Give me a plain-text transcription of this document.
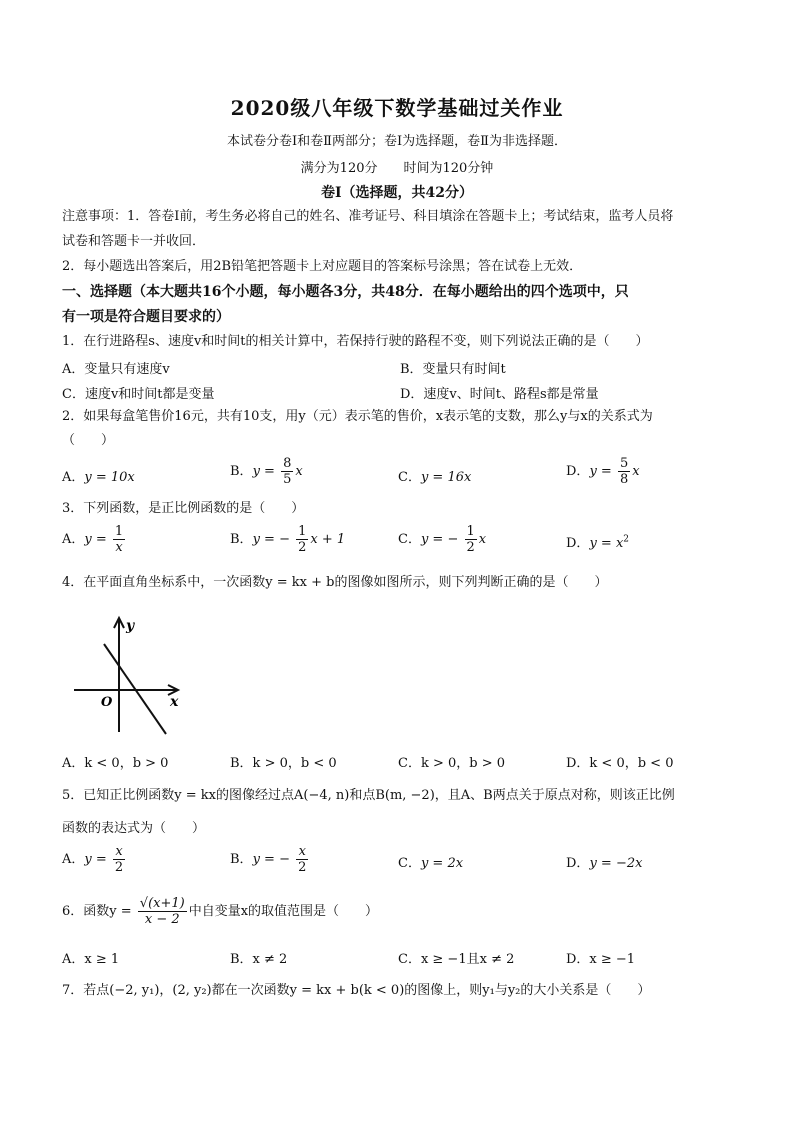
2020级八年级下数学基础过关作业
本试卷分卷Ⅰ和卷Ⅱ两部分；卷Ⅰ为选择题，卷Ⅱ为非选择题．
满分为120分　　时间为120分钟
卷Ⅰ（选择题，共42分）
注意事项：1．答卷Ⅰ前，考生务必将自己的姓名、准考证号、科目填涂在答题卡上；考试结束，监考人员将
试卷和答题卡一并收回．
2．每小题选出答案后，用2B铅笔把答题卡上对应题目的答案标号涂黑；答在试卷上无效．
一、选择题（本大题共16个小题，每小题各3分，共48分．在每小题给出的四个选项中，只
有一项是符合题目要求的）
1．在行进路程s、速度v和时间t的相关计算中，若保持行驶的路程不变，则下列说法正确的是（　　）
A．变量只有速度v	B．变量只有时间t
C．速度v和时间t都是变量	D．速度v、时间t、路程s都是常量
2．如果每盒笔售价16元，共有10支，用y（元）表示笔的售价，x表示笔的支数，那么y与x的关系式为
（　　）
A．y = 10x	B．$y = \frac{8}{5}$ x	C．y = 16x	D．$y = \frac{5}{8}$ x
3．下列函数，是正比例函数的是（　　）
A．$y = \frac{1}{x}$	B．y = − $\frac{1}{2}$ x + 1	C．y = − $\frac{1}{2}$ x	D．$y = x^2$
4．在平面直角坐标系中，一次函数y = kx + b的图像如图所示，则下列判断正确的是（　　）
y
x
O
A．k < 0，b > 0	B．k > 0，b < 0	C．k > 0，b > 0	D．k < 0，b < 0
5．已知正比例函数y = kx的图像经过点A(−4, n)和点B(m, −2)，且A、B两点关于原点对称，则该正比例
函数的表达式为（　　）
A．$y = \frac{x}{2}$	B．y = − $\frac{x}{2}$	C．y = 2x	D．y = −2x
6．函数$y = \frac{√(x+1)}{x - 2}$ 中自变量x的取值范围是（　　）
A．x ≥ 1	B．x ≠ 2	C．x ≥ −1且x ≠ 2	D．x ≥ −1
7．若点(−2, y₁)，(2, y₂)都在一次函数y = kx + b(k < 0)的图像上，则y₁与y₂的大小关系是（　　）
